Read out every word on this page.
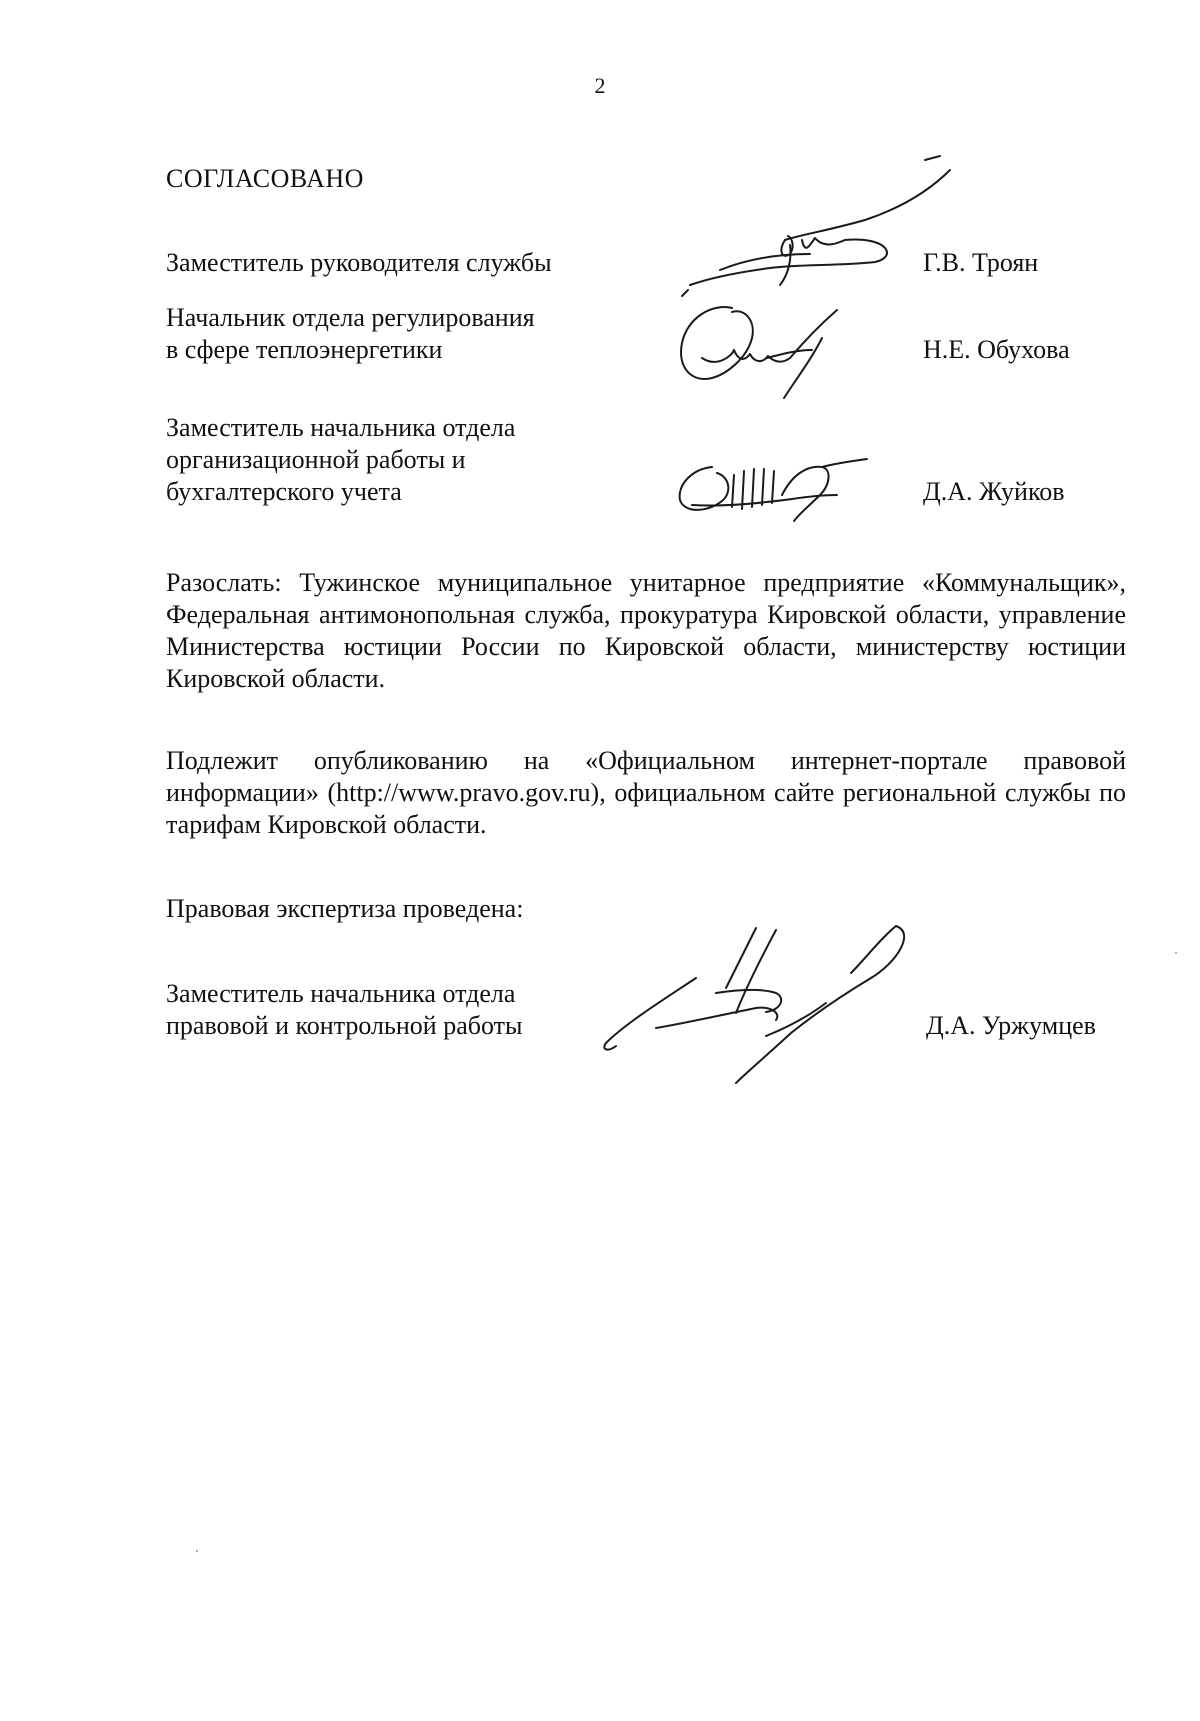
2
СОГЛАСОВАНО
Заместитель руководителя службы	Г.В. Троян
Начальник отдела регулирования
в сфере теплоэнергетики	Н.Е. Обухова
Заместитель начальника отдела
организационной работы и
бухгалтерского учета	Д.А. Жуйков
Разослать: Тужинское муниципальное унитарное предприятие «Коммунальщик», Федеральная антимонопольная служба, прокуратура Кировской области, управление Министерства юстиции России по Кировской области, министерству юстиции Кировской области.
Подлежит опубликованию на «Официальном интернет-портале правовой информации» (http://www.pravo.gov.ru), официальном сайте региональной службы по тарифам Кировской области.
Правовая экспертиза проведена:
Заместитель начальника отдела
правовой и контрольной работы	Д.А. Уржумцев
